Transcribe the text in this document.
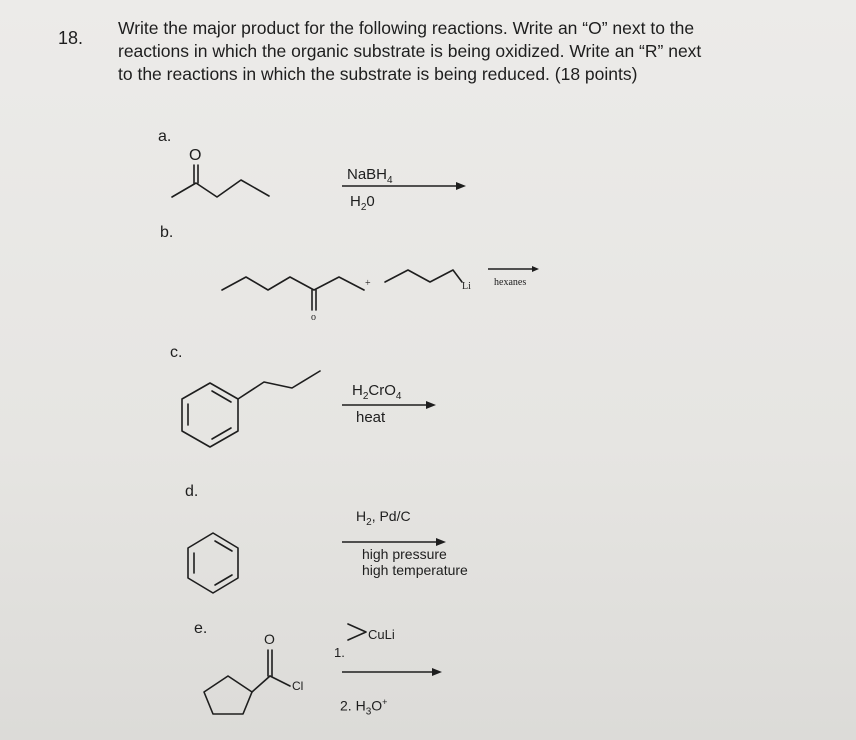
18. Write the major product for the following reactions. Write an “O” next to the
reactions in which the organic substrate is being oxidized. Write an “R” next
to the reactions in which the substrate is being reduced. (18 points)
a.
O
NaBH$_4$
$H_20$
b.
o
+	Li hexanes
c.
$H_2CrO_4$
heat
d.
$H_2$, Pd/C
high pressure
high temperature
e.
O
Cl
1.
CuLi
2. $H_3O^+$
